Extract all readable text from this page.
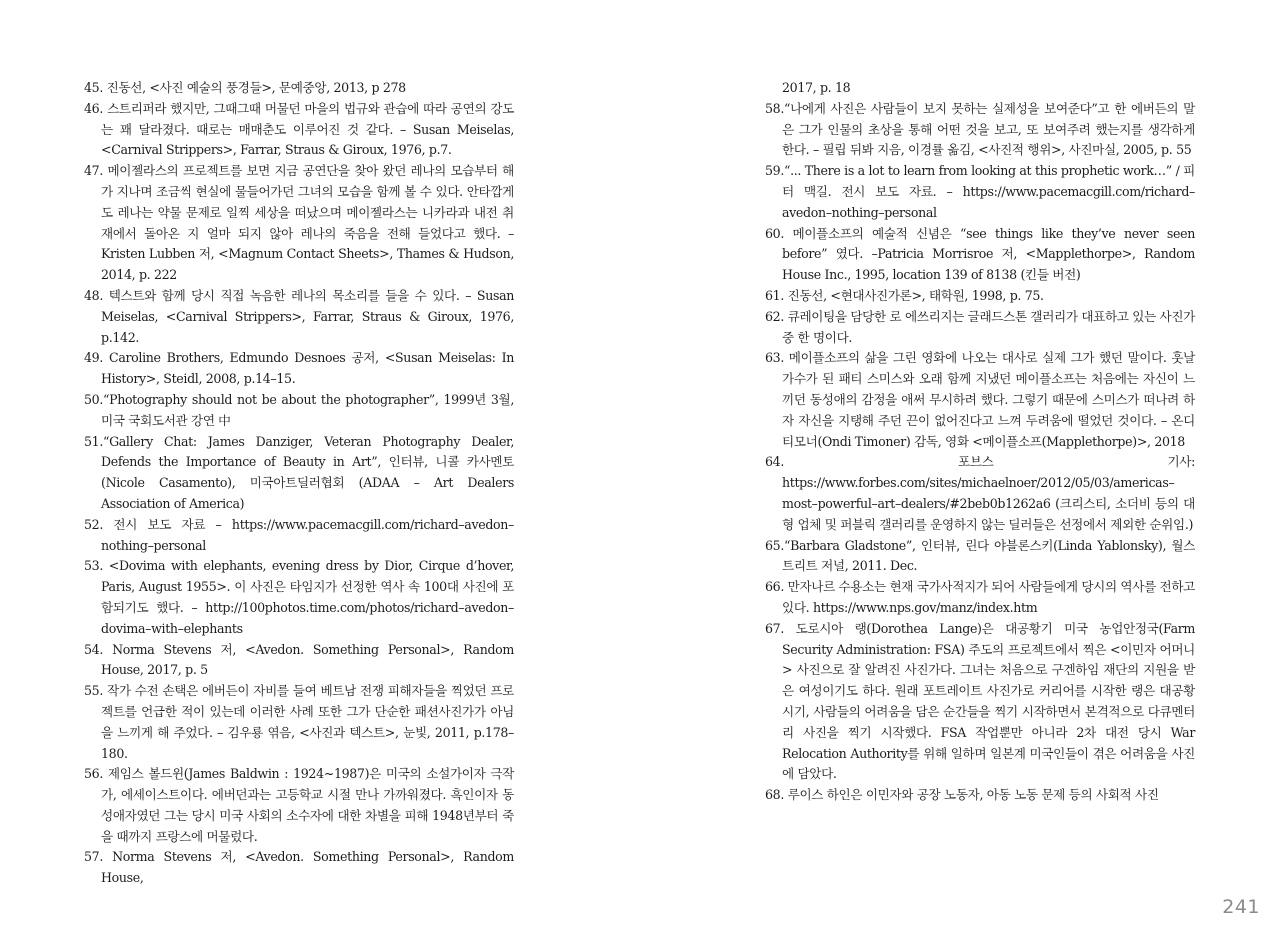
45. 진동선, <사진 예술의 풍경들>, 문예중앙, 2013, p 278

46. 스트리퍼라 했지만, 그때그때 머물던 마을의 법규와 관습에 따라 공연의 강도는 꽤 달라졌다. 때로는 매매춘도 이루어진 것 같다. – Susan Meiselas, <Carnival Strippers>, Farrar, Straus & Giroux, 1976, p.7.

47. 메이젤라스의 프로젝트를 보면 지금 공연단을 찾아 왔던 레나의 모습부터 해가 지나며 조금씩 현실에 물들어가던 그녀의 모습을 함께 볼 수 있다. 안타깝게도 레나는 약물 문제로 일찍 세상을 떠났으며 메이젤라스는 니카라과 내전 취재에서 돌아온 지 얼마 되지 않아 레나의 죽음을 전해 들었다고 했다. – Kristen Lubben 저, <Magnum Contact Sheets>, Thames & Hudson, 2014, p. 222

48. 텍스트와 함께 당시 직접 녹음한 레나의 목소리를 들을 수 있다. – Susan Meiselas, <Carnival Strippers>, Farrar, Straus & Giroux, 1976, p.142.

49. Caroline Brothers, Edmundo Desnoes 공저, <Susan Meiselas: In History>, Steidl, 2008, p.14–15.

50.“Photography should not be about the photographer”, 1999년 3월, 미국 국회도서관 강연 中

51.“Gallery Chat: James Danziger, Veteran Photography Dealer, Defends the Importance of Beauty in Art”, 인터뷰, 니콜 카사멘토 (Nicole Casamento), 미국아트딜러협회 (ADAA – Art Dealers Association of America)

52. 전시 보도 자료 – https://www.pacemacgill.com/richard–avedon–nothing–personal

53. <Dovima with elephants, evening dress by Dior, Cirque d’hover, Paris, August 1955>. 이 사진은 타임지가 선정한 역사 속 100대 사진에 포함되기도 했다. – http://100photos.time.com/photos/richard–avedon–dovima–with–elephants

54. Norma Stevens 저, <Avedon. Something Personal>, Random House, 2017, p. 5

55. 작가 수전 손택은 에버든이 자비를 들여 베트남 전쟁 피해자들을 찍었던 프로젝트를 언급한 적이 있는데 이러한 사례 또한 그가 단순한 패션사진가가 아님을 느끼게 해 주었다. – 김우룡 엮음, <사진과 텍스트>, 눈빛, 2011, p.178–180.

56. 제임스 볼드윈(James Baldwin : 1924~1987)은 미국의 소설가이자 극작가, 에세이스트이다. 에버던과는 고등학교 시절 만나 가까워졌다. 흑인이자 동성애자였던 그는 당시 미국 사회의 소수자에 대한 차별을 피해 1948년부터 죽을 때까지 프랑스에 머물렀다.

57. Norma Stevens 저, <Avedon. Something Personal>, Random House,

2017, p. 18

58.“나에게 사진은 사람들이 보지 못하는 실제성을 보여준다”고 한 에버든의 말은 그가 인물의 초상을 통해 어떤 것을 보고, 또 보여주려 했는지를 생각하게 한다. – 필립 뒤봐 지음, 이경률 옮김, <사진적 행위>, 사진마실, 2005, p. 55

59.“... There is a lot to learn from looking at this prophetic work…” / 피터 맥길. 전시 보도 자료. – https://www.pacemacgill.com/richard–avedon–nothing–personal

60. 메이플소프의 예술적 신념은 “see things like they’ve never seen before” 였다. –Patricia Morrisroe 저, <Mapplethorpe>, Random House Inc., 1995, location 139 of 8138 (킨들 버전)

61. 진동선, <현대사진가론>, 태학원, 1998, p. 75.

62. 큐레이팅을 담당한 로 에쓰리지는 글래드스톤 갤러리가 대표하고 있는 사진가 중 한 명이다.

63. 메이플소프의 삶을 그린 영화에 나오는 대사로 실제 그가 했던 말이다. 훗날 가수가 된 패티 스미스와 오래 함께 지냈던 메이플소프는 처음에는 자신이 느끼던 동성애의 감정을 애써 무시하려 했다. 그렇기 때문에 스미스가 떠나려 하자 자신을 지탱해 주던 끈이 없어진다고 느껴 두려움에 떨었던 것이다. – 온디 티모너(Ondi Timoner) 감독, 영화 <메이플소프(Mapplethorpe)>, 2018

64. 포브스 기사: https://www.forbes.com/sites/michaelnoer/2012/05/03/americas–most–powerful–art–dealers/#2beb0b1262a6 (크리스티, 소더비 등의 대형 업체 및 퍼블릭 갤러리를 운영하지 않는 딜러들은 선정에서 제외한 순위임.)

65.“Barbara Gladstone”, 인터뷰, 린다 야블론스키(Linda Yablonsky), 월스트리트 저널, 2011. Dec.

66. 만자나르 수용소는 현재 국가사적지가 되어 사람들에게 당시의 역사를 전하고 있다. https://www.nps.gov/manz/index.htm

67. 도로시아 랭(Dorothea Lange)은 대공황기 미국 농업안정국(Farm Security Administration: FSA) 주도의 프로젝트에서 찍은 <이민자 어머니> 사진으로 잘 알려진 사진가다. 그녀는 처음으로 구겐하임 재단의 지원을 받은 여성이기도 하다. 원래 포트레이트 사진가로 커리어를 시작한 랭은 대공황 시기, 사람들의 어려움을 담은 순간들을 찍기 시작하면서 본격적으로 다큐멘터리 사진을 찍기 시작했다. FSA 작업뿐만 아니라 2차 대전 당시 War Relocation Authority를 위해 일하며 일본계 미국인들이 겪은 어려움을 사진에 담았다.

68. 루이스 하인은 이민자와 공장 노동자, 아동 노동 문제 등의 사회적 사진

241
